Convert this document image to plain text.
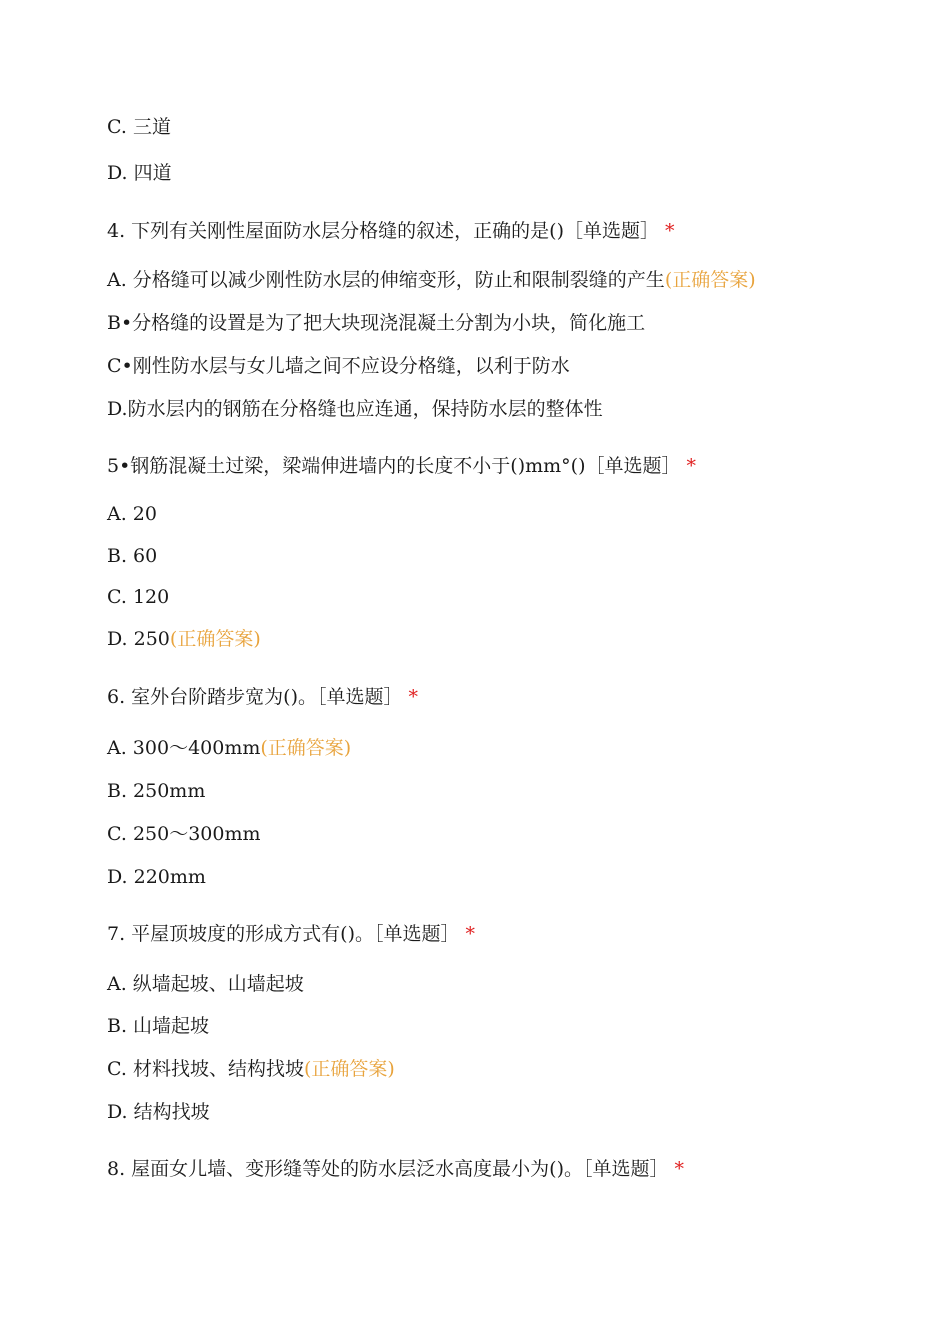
C. 三道
D. 四道
4. 下列有关刚性屋面防水层分格缝的叙述，正确的是()［单选题］ *
A. 分格缝可以减少刚性防水层的伸缩变形，防止和限制裂缝的产生(正确答案)
B•分格缝的设置是为了把大块现浇混凝土分割为小块，简化施工
C•刚性防水层与女儿墙之间不应设分格缝，以利于防水
D.防水层内的钢筋在分格缝也应连通，保持防水层的整体性
5•钢筋混凝土过梁，梁端伸进墙内的长度不小于()mm°()［单选题］ *
A. 20
B. 60
C. 120
D. 250(正确答案)
6. 室外台阶踏步宽为()。［单选题］ *
A. 300〜400mm(正确答案)
B. 250mm
C. 250〜300mm
D. 220mm
7. 平屋顶坡度的形成方式有()。［单选题］ *
A. 纵墙起坡、山墙起坡
B. 山墙起坡
C. 材料找坡、结构找坡(正确答案)
D. 结构找坡
8. 屋面女儿墙、变形缝等处的防水层泛水高度最小为()。［单选题］ *
